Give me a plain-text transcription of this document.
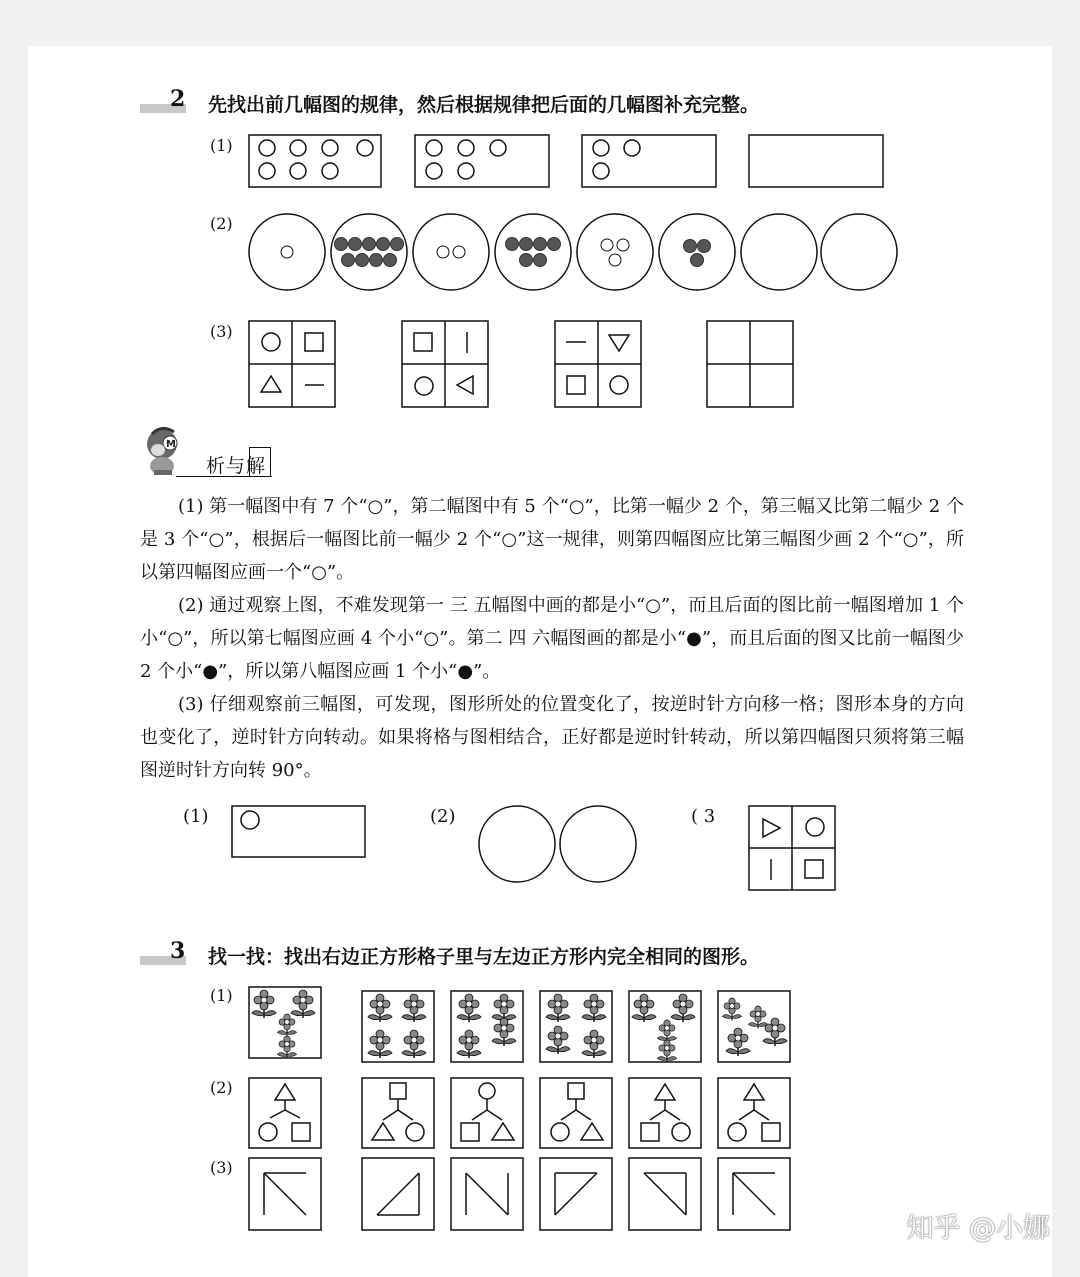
2 先找出前几幅图的规律，然后根据规律把后面的几幅图补充完整。
(1)
(2)
(3)
M
析与解

(1) 第一幅图中有 7 个“○”，第二幅图中有 5 个“○”，比第一幅少 2 个，第三幅又比第二幅少 2 个是 3 个“○”，根据后一幅图比前一幅少 2 个“○”这一规律，则第四幅图应比第三幅图少画 2 个“○”，所以第四幅图应画一个“○”。

(2) 通过观察上图，不难发现第一 三 五幅图中画的都是小“○”，而且后面的图比前一幅图增加 1 个小“○”，所以第七幅图应画 4 个小“○”。第二 四 六幅图画的都是小“●”，而且后面的图又比前一幅图少 2 个小“●”，所以第八幅图应画 1 个小“●”。

(3) 仔细观察前三幅图，可发现，图形所处的位置变化了，按逆时针方向移一格；图形本身的方向也变化了，逆时针方向转动。如果将格与图相结合，正好都是逆时针转动，所以第四幅图只须将第三幅图逆时针方向转 90°。

(1)	(2)	( 3
3 找一找：找出右边正方形格子里与左边正方形内完全相同的图形。
(1)
(2)
(3)
知乎 @小娜
